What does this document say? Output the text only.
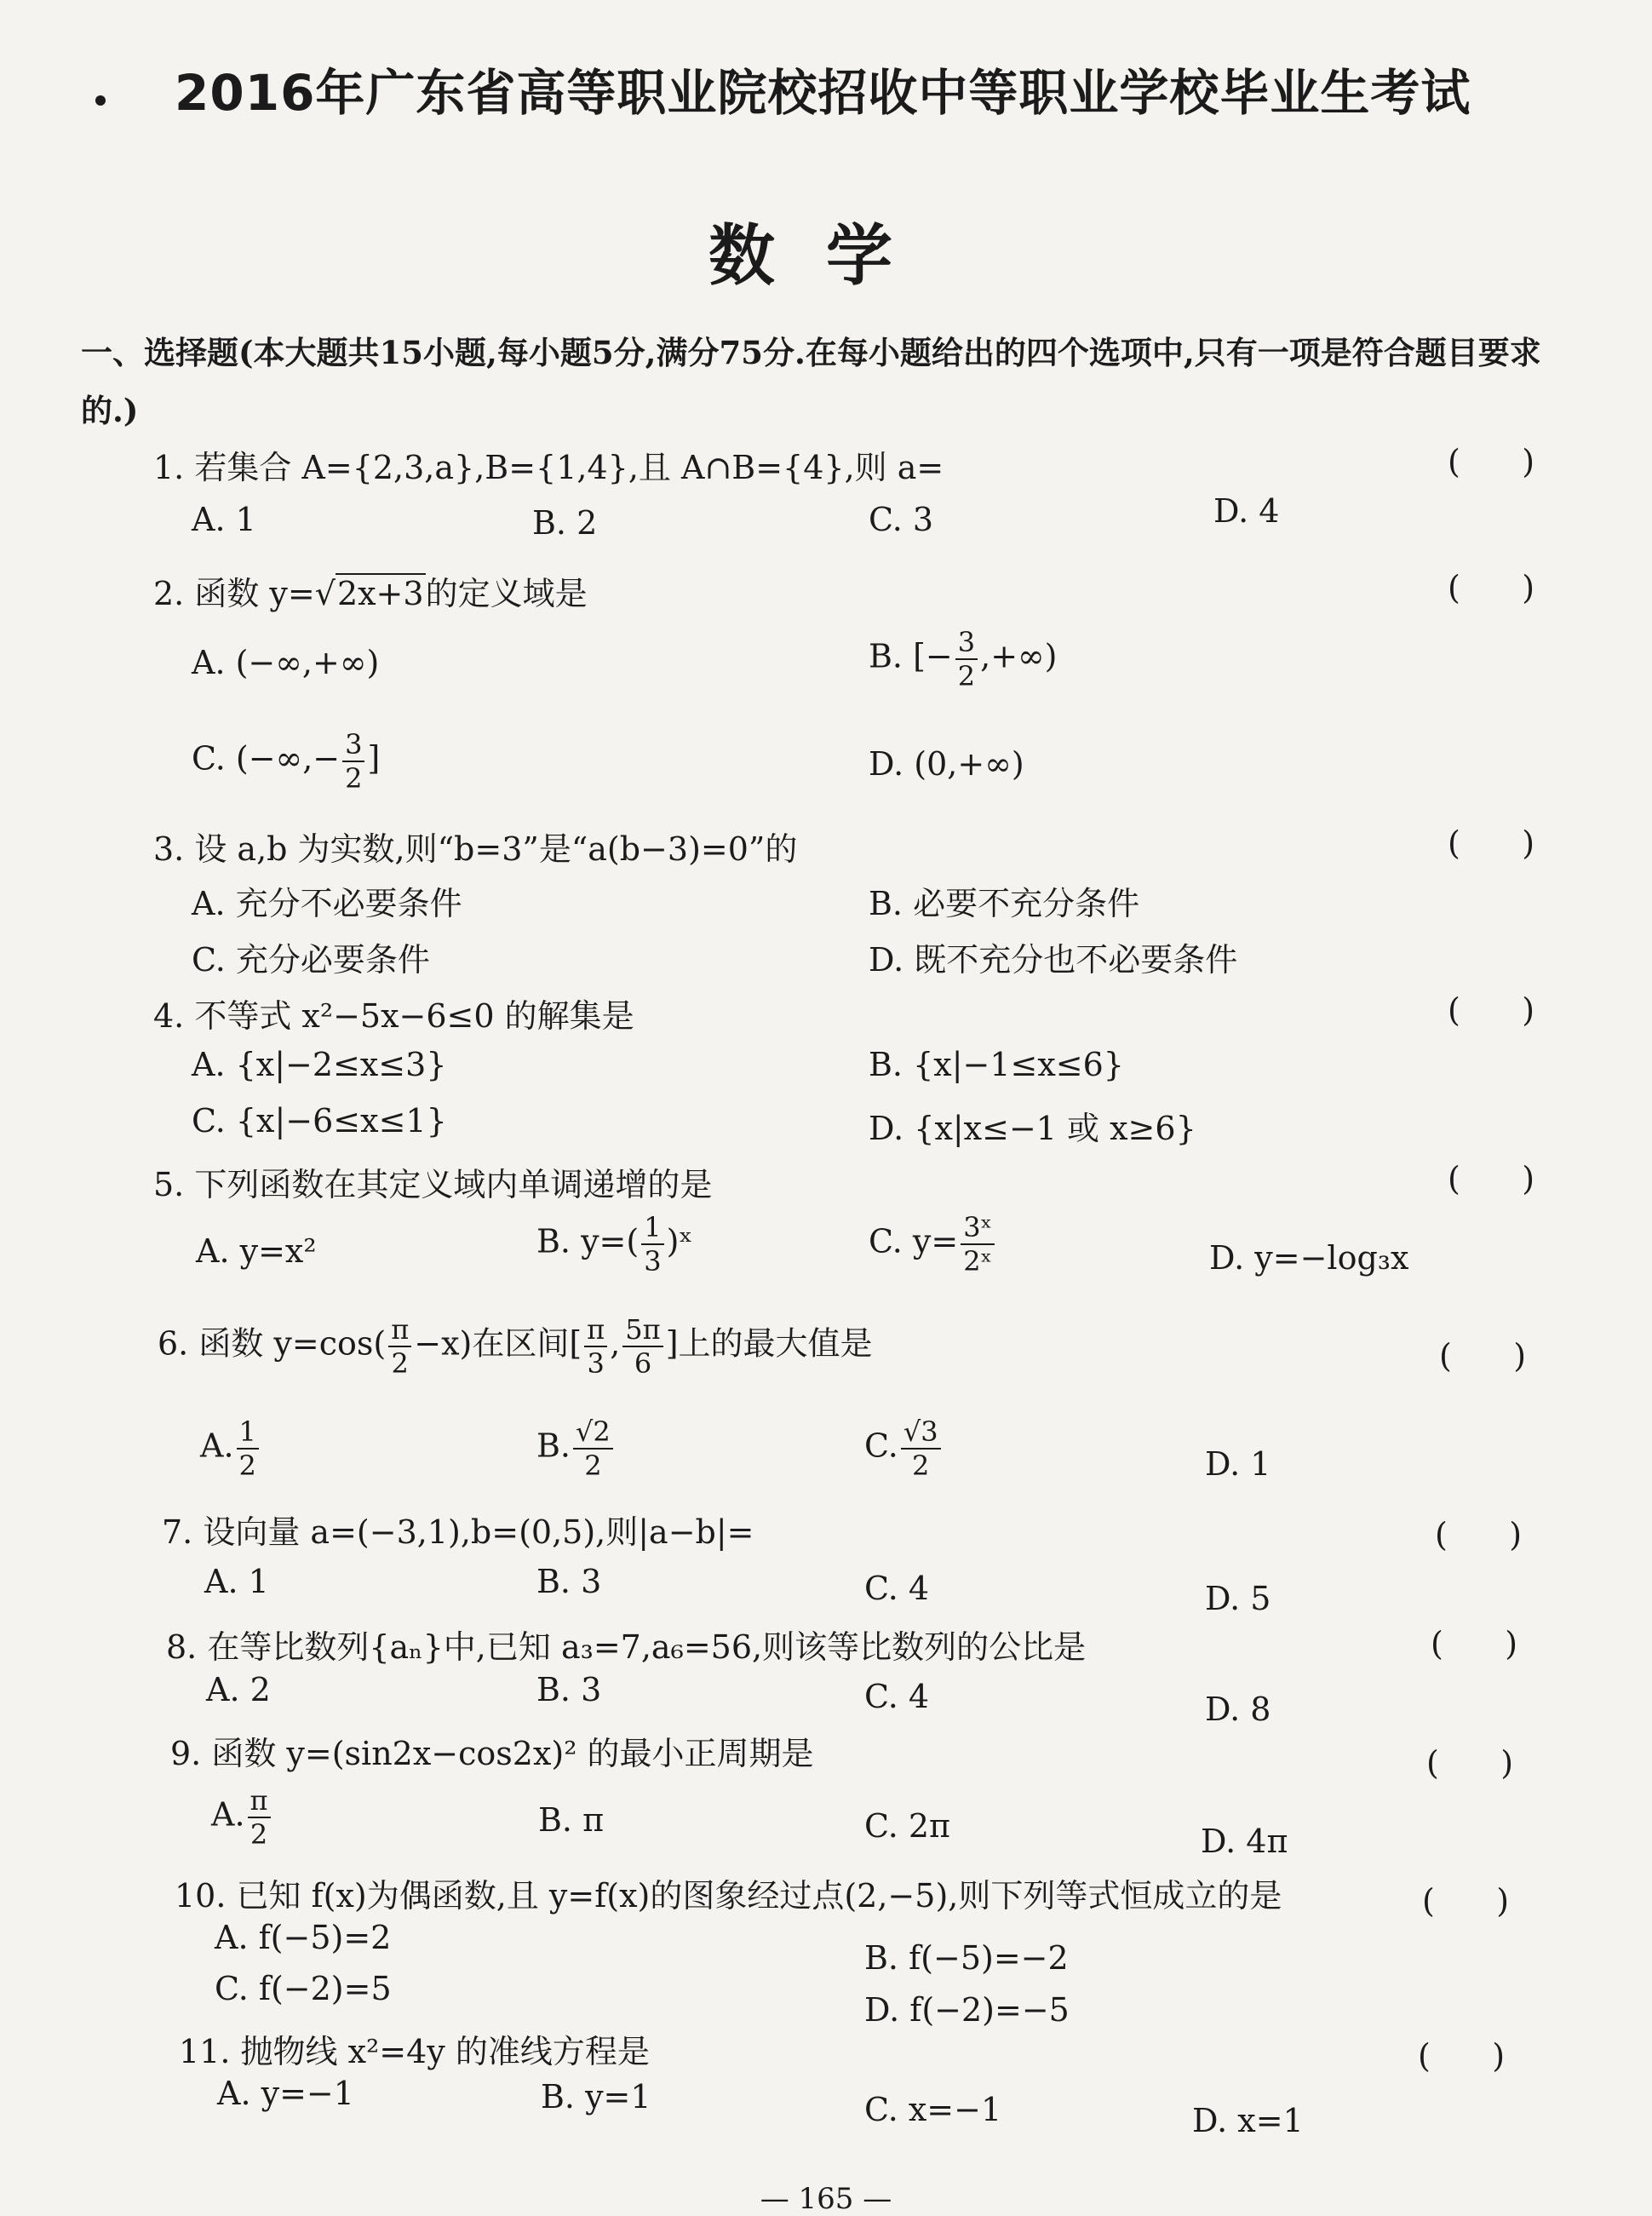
2016年广东省高等职业院校招收中等职业学校毕业生考试
数学
一、选择题(本大题共15小题,每小题5分,满分75分.在每小题给出的四个选项中,只有一项是符合题目要求的.)
1. 若集合 A={2,3,a},B={1,4},且 A∩B={4},则 a=	(      )
A. 1	B. 2	C. 3	D. 4
2. 函数 y=√2x+3的定义域是	(      )
A. (−∞,+∞)	B. [− $\frac{3}{2}$ ,+∞)
C. (−∞,− $\frac{3}{2}$ ]	D. (0,+∞)
3. 设 a,b 为实数,则“b=3”是“a(b−3)=0”的	(      )
A. 充分不必要条件	B. 必要不充分条件
C. 充分必要条件	D. 既不充分也不必要条件
4. 不等式 x²−5x−6≤0 的解集是	(      )
A. {x|−2≤x≤3}	B. {x|−1≤x≤6}
C. {x|−6≤x≤1}	D. {x|x≤−1 或 x≥6}
5. 下列函数在其定义域内单调递增的是	(      )
A. y=x²	B. $y=( \frac{1}{3}$ )ˣ	C. $y= \frac{\text{3ˣ}}{\text{2ˣ}}$	D. y=−log₃x
6. 函数 $y=\cos( \frac{\pi}{2} -x)$在区间[ $\frac{\pi}{3}$ , $\frac{5\pi}{6}$ ]上的最大值是	(      )
A. $\frac{1}{2}$	B. $\frac{√2}{2}$	C. $\frac{√3}{2}$	D. 1
7. 设向量 a=(−3,1),b=(0,5),则|a−b|=	(      )
A. 1	B. 3	C. 4	D. 5
8. 在等比数列{aₙ}中,已知 a₃=7,a₆=56,则该等比数列的公比是	(      )
A. 2	B. 3	C. 4	D. 8
9. 函数 y=(sin2x−cos2x)² 的最小正周期是	(      )
A. $\frac{\pi}{2}$	B. π	C. 2π	D. 4π
10. 已知 f(x)为偶函数,且 y=f(x)的图象经过点(2,−5),则下列等式恒成立的是	(      )
A. f(−5)=2
B. f(−5)=−2
C. f(−2)=5
D. f(−2)=−5
11. 抛物线 x²=4y 的准线方程是	(      )
A. y=−1	B. y=1	C. x=−1	D. x=1
— 165 —
